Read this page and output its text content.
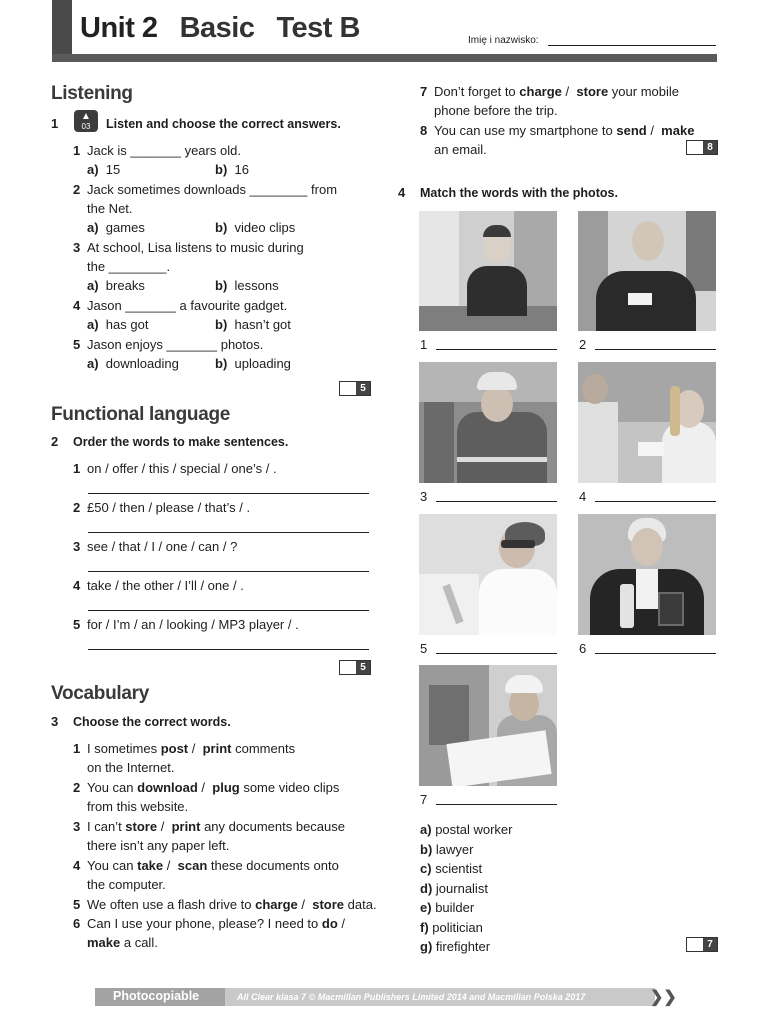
Unit 2 Basic Test B	Imię i nazwisko:
Listening
1	▲
03	Listen and choose the correct answers.
1 Jack is _______ years old.
a) 15	b) 16
2 Jack sometimes downloads ________ from
the Net.
a) games	b) video clips
3 At school, Lisa listens to music during
the ________.
a) breaks	b) lessons
4 Jason _______ a favourite gadget.
a) has got	b) hasn’t got
5 Jason enjoys _______ photos.
a) downloading	b) uploading
5
Functional language
2 Order the words to make sentences.
1 on / offer / this / special / one’s / .
2 £50 / then / please / that’s / .
3 see / that / I / one / can / ?
4 take / the other / I’ll / one / .
5 for / I’m / an / looking / MP3 player / .
5
Vocabulary
3 Choose the correct words.
1 I sometimes post /  print comments
on the Internet.
2 You can download /  plug some video clips
from this website.
3 I can’t store /  print any documents because
there isn’t any paper left.
4 You can take /  scan these documents onto
the computer.
5 We often use a flash drive to charge /  store data.
6 Can I use your phone, please? I need to do /
make a call.
7 Don’t forget to charge /  store your mobile
phone before the trip.
8 You can use my smartphone to send /  make
an email.	8
4 Match the words with the photos.
1	2
3	4
5	6
7
a) postal worker
b) lawyer
c) scientist
d) journalist
e) builder
f) politician
g) firefighter	7
Photocopiable	All Clear klasa 7 © Macmillan Publishers Limited 2014 and Macmillan Polska 2017	❯❯
